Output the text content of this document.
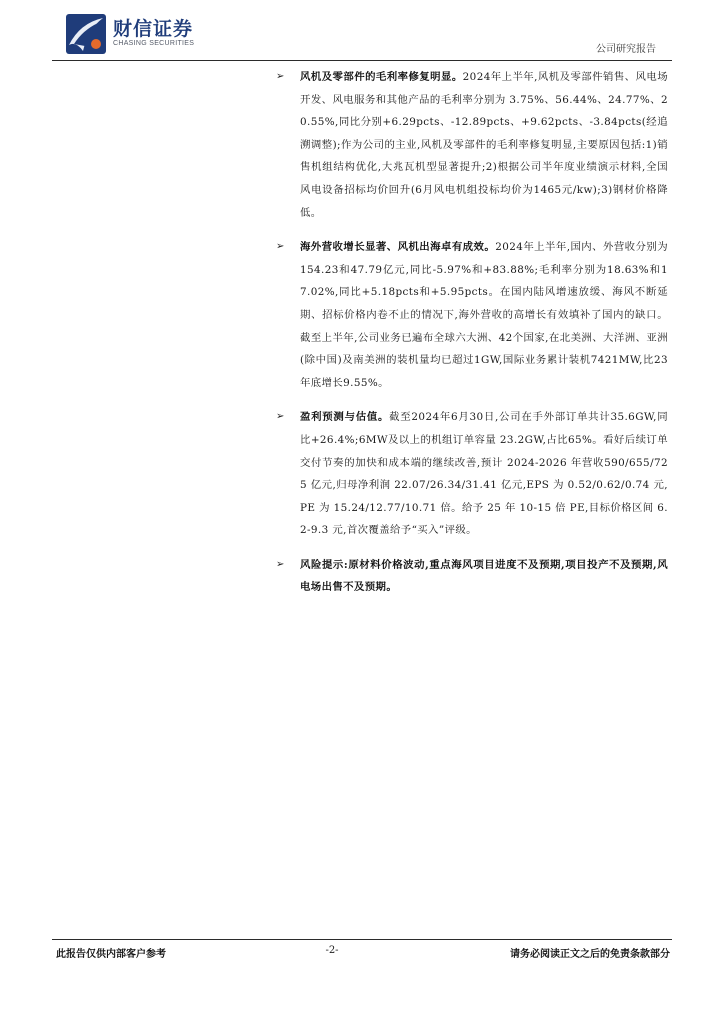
财信证券
CHASING SECURITIES
公司研究报告
➢	风机及零部件的毛利率修复明显。2024年上半年,风机及零部件销售、风电场开发、风电服务和其他产品的毛利率分别为 3.75%、56.44%、24.77%、20.55%,同比分别+6.29pcts、-12.89pcts、+9.62pcts、-3.84pcts(经追溯调整);作为公司的主业,风机及零部件的毛利率修复明显,主要原因包括:1)销售机组结构优化,大兆瓦机型显著提升;2)根据公司半年度业绩演示材料,全国风电设备招标均价回升(6月风电机组投标均价为1465元/kw);3)钢材价格降低。

➢	海外营收增长显著、风机出海卓有成效。2024年上半年,国内、外营收分别为154.23和47.79亿元,同比-5.97%和+83.88%;毛利率分别为18.63%和17.02%,同比+5.18pcts和+5.95pcts。在国内陆风增速放缓、海风不断延期、招标价格内卷不止的情况下,海外营收的高增长有效填补了国内的缺口。截至上半年,公司业务已遍布全球六大洲、42个国家,在北美洲、大洋洲、亚洲(除中国)及南美洲的装机量均已超过1GW,国际业务累计装机7421MW,比23年底增长9.55%。

➢	盈利预测与估值。截至2024年6月30日,公司在手外部订单共计35.6GW,同比+26.4%;6MW及以上的机组订单容量 23.2GW,占比65%。看好后续订单交付节奏的加快和成本端的继续改善,预计 2024-2026 年营收590/655/725 亿元,归母净利润 22.07/26.34/31.41 亿元,EPS 为 0.52/0.62/0.74 元,PE 为 15.24/12.77/10.71 倍。给予 25 年 10-15 倍 PE,目标价格区间 6.2-9.3 元,首次覆盖给予“买入”评级。

➢	风险提示:原材料价格波动,重点海风项目进度不及预期,项目投产不及预期,风电场出售不及预期。

此报告仅供内部客户参考	-2-	请务必阅读正文之后的免责条款部分
